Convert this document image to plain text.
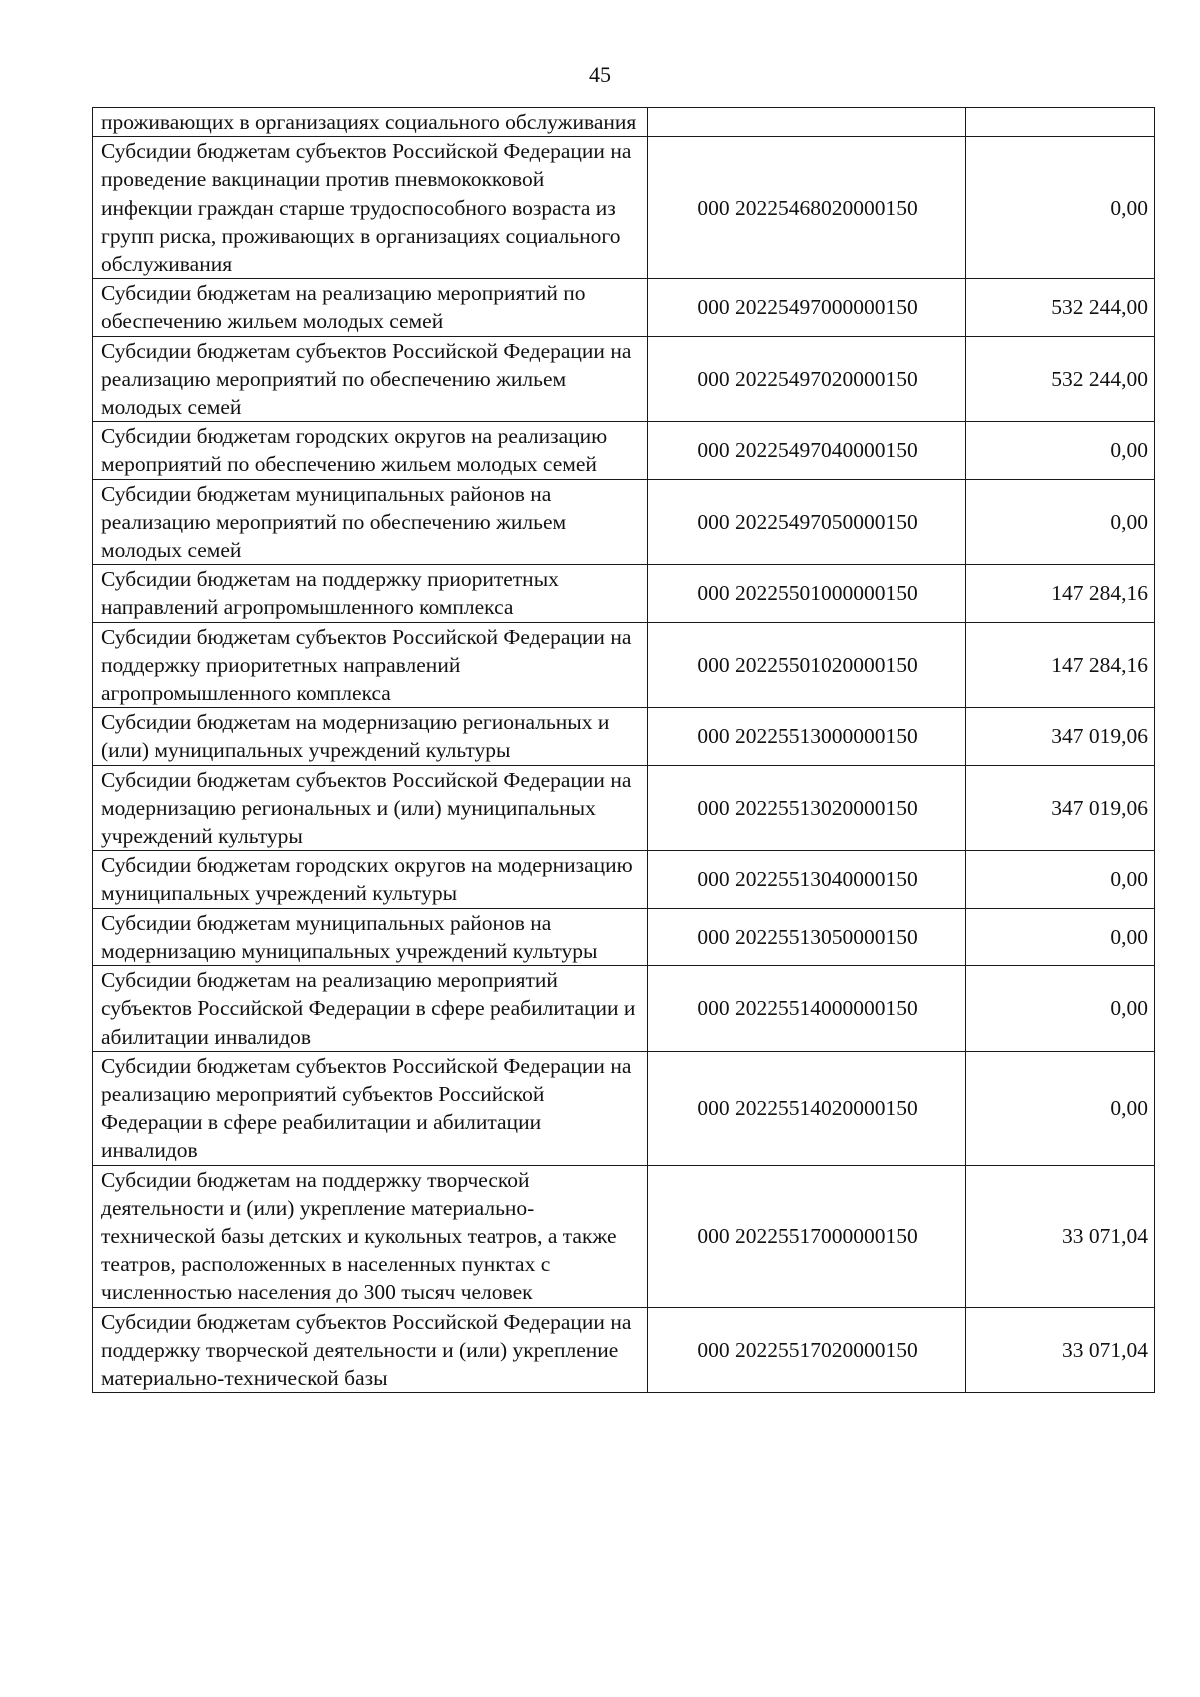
45
проживающих в организациях социального обслуживания		
Субсидии бюджетам субъектов Российской Федерации на проведение вакцинации против пневмококковой инфекции граждан старше трудоспособного возраста из групп риска, проживающих в организациях социального обслуживания	000 20225468020000150	0,00
Субсидии бюджетам на реализацию мероприятий по обеспечению жильем молодых семей	000 20225497000000150	532 244,00
Субсидии бюджетам субъектов Российской Федерации на реализацию мероприятий по обеспечению жильем молодых семей	000 20225497020000150	532 244,00
Субсидии бюджетам городских округов на реализацию мероприятий по обеспечению жильем молодых семей	000 20225497040000150	0,00
Субсидии бюджетам муниципальных районов на реализацию мероприятий по обеспечению жильем молодых семей	000 20225497050000150	0,00
Субсидии бюджетам на поддержку приоритетных направлений агропромышленного комплекса	000 20225501000000150	147 284,16
Субсидии бюджетам субъектов Российской Федерации на поддержку приоритетных направлений агропромышленного комплекса	000 20225501020000150	147 284,16
Субсидии бюджетам на модернизацию региональных и (или) муниципальных учреждений культуры	000 20225513000000150	347 019,06
Субсидии бюджетам субъектов Российской Федерации на модернизацию региональных и (или) муниципальных учреждений культуры	000 20225513020000150	347 019,06
Субсидии бюджетам городских округов на модернизацию муниципальных учреждений культуры	000 20225513040000150	0,00
Субсидии бюджетам муниципальных районов на модернизацию муниципальных учреждений культуры	000 20225513050000150	0,00
Субсидии бюджетам на реализацию мероприятий субъектов Российской Федерации в сфере реабилитации и абилитации инвалидов	000 20225514000000150	0,00
Субсидии бюджетам субъектов Российской Федерации на реализацию мероприятий субъектов Российской Федерации в сфере реабилитации и абилитации инвалидов	000 20225514020000150	0,00
Субсидии бюджетам на поддержку творческой деятельности и (или) укрепление материально-технической базы детских и кукольных театров, а также театров, расположенных в населенных пунктах с численностью населения до 300 тысяч человек	000 20225517000000150	33 071,04
Субсидии бюджетам субъектов Российской Федерации на поддержку творческой деятельности и (или) укрепление материально-технической базы	000 20225517020000150	33 071,04
